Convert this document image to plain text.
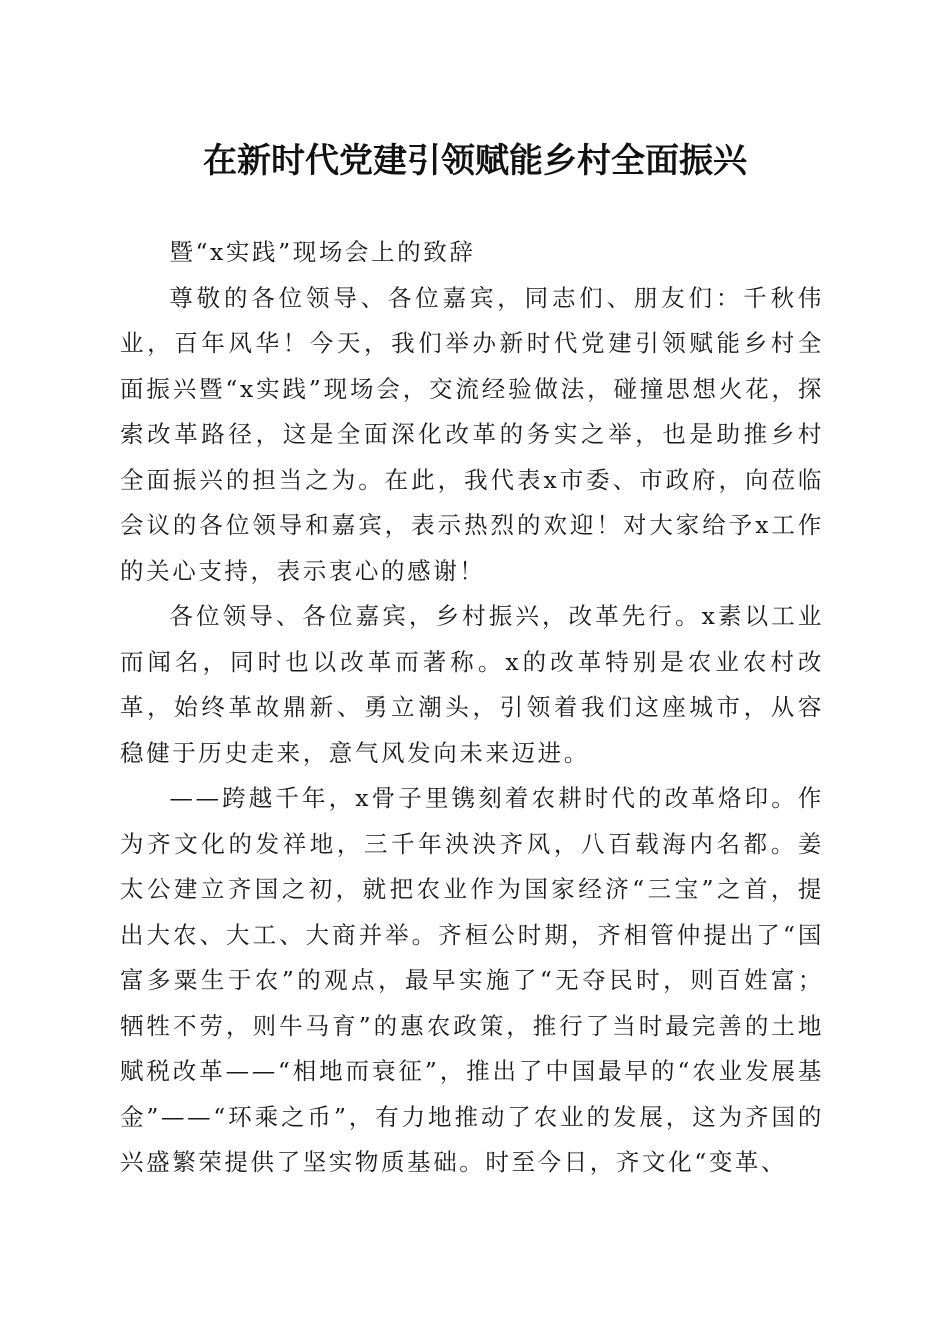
在新时代党建引领赋能乡村全面振兴

暨“x实践”现场会上的致辞

尊敬的各位领导、各位嘉宾，同志们、朋友们：千秋伟业，百年风华！今天，我们举办新时代党建引领赋能乡村全面振兴暨“x实践”现场会，交流经验做法，碰撞思想火花，探索改革路径，这是全面深化改革的务实之举，也是助推乡村全面振兴的担当之为。在此，我代表x市委、市政府，向莅临会议的各位领导和嘉宾，表示热烈的欢迎！对大家给予x工作的关心支持，表示衷心的感谢！

各位领导、各位嘉宾，乡村振兴，改革先行。x素以工业而闻名，同时也以改革而著称。x的改革特别是农业农村改革，始终革故鼎新、勇立潮头，引领着我们这座城市，从容稳健于历史走来，意气风发向未来迈进。

——跨越千年，x骨子里镌刻着农耕时代的改革烙印。作为齐文化的发祥地，三千年泱泱齐风，八百载海内名都。姜太公建立齐国之初，就把农业作为国家经济“三宝”之首，提出大农、大工、大商并举。齐桓公时期，齐相管仲提出了“国富多粟生于农”的观点，最早实施了“无夺民时，则百姓富；牺牲不劳，则牛马育”的惠农政策，推行了当时最完善的土地赋税改革——“相地而衰征”，推出了中国最早的“农业发展基金”——“环乘之币”，有力地推动了农业的发展，这为齐国的兴盛繁荣提供了坚实物质基础。时至今日，齐文化“变革、
